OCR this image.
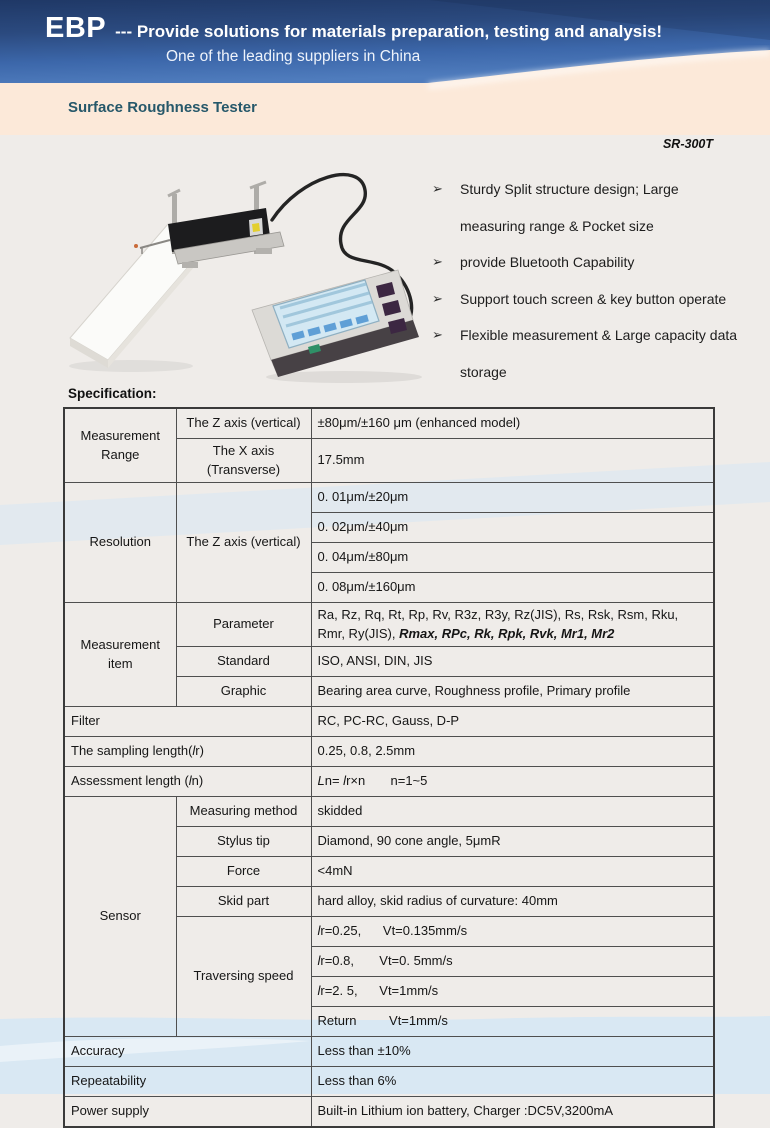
EBP --- Provide solutions for materials preparation, testing and analysis!
One of the leading suppliers in China
Surface Roughness Tester
SR-300T
➢ Sturdy Split structure design; Large
measuring range & Pocket size
➢ provide Bluetooth Capability
➢ Support touch screen & key button operate
➢ Flexible measurement & Large capacity data
storage
Specification:
Measurement Range	The Z axis (vertical)	±80μm/±160 μm (enhanced model)
	The X axis (Transverse)	17.5mm
Resolution	The Z axis (vertical)	0. 01μm/±20μm
		0. 02μm/±40μm
		0. 04μm/±80μm
		0. 08μm/±160μm
Measurement item	Parameter	Ra, Rz, Rq, Rt, Rp, Rv, R3z, R3y, Rz(JIS), Rs, Rsk, Rsm, Rku, Rmr, Ry(JIS), Rmax, RPc, Rk, Rpk, Rvk, Mr1, Mr2
	Standard	ISO, ANSI, DIN, JIS
	Graphic	Bearing area curve, Roughness profile, Primary profile
Filter		RC, PC-RC, Gauss, D-P
The sampling length(lr)		0.25, 0.8, 2.5mm
Assessment length (ln)		Ln= lr×n       n=1~5
Sensor	Measuring method	skidded
	Stylus tip	Diamond, 90 cone angle, 5μmR
	Force	<4mN
	Skid part	hard alloy, skid radius of curvature: 40mm
	Traversing speed	lr=0.25,      Vt=0.135mm/s
		lr=0.8,       Vt=0. 5mm/s
		lr=2. 5,      Vt=1mm/s
		Return         Vt=1mm/s
Accuracy		Less than ±10%
Repeatability		Less than 6%
Power supply		Built-in Lithium ion battery, Charger :DC5V,3200mA
